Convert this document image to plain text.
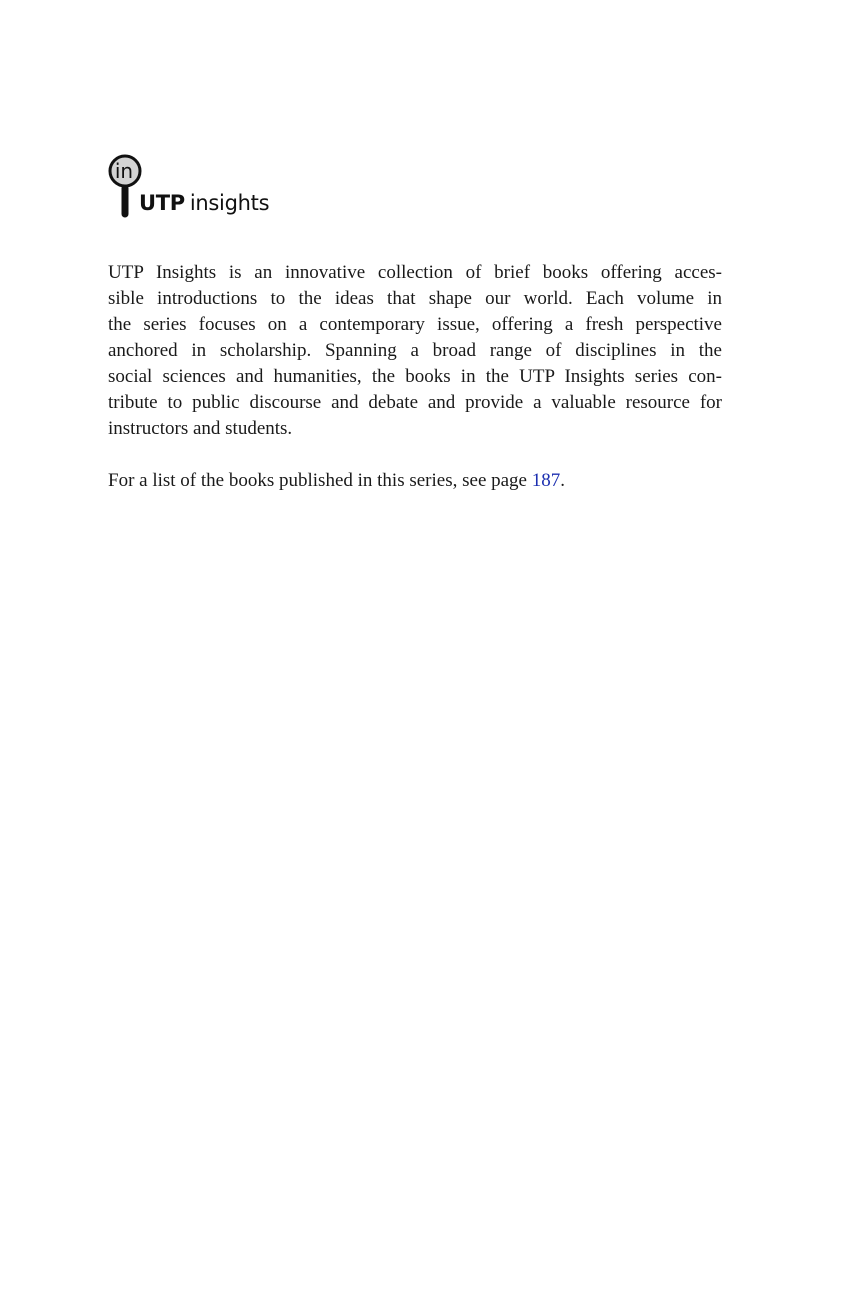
in
UTP insights

UTP Insights is an innovative collection of brief books offering acces-
sible introductions to the ideas that shape our world. Each volume in
the series focuses on a contemporary issue, offering a fresh perspective
anchored in scholarship. Spanning a broad range of disciplines in the
social sciences and humanities, the books in the UTP Insights series con-
tribute to public discourse and debate and provide a valuable resource for
instructors and students.

For a list of the books published in this series, see page 187.
